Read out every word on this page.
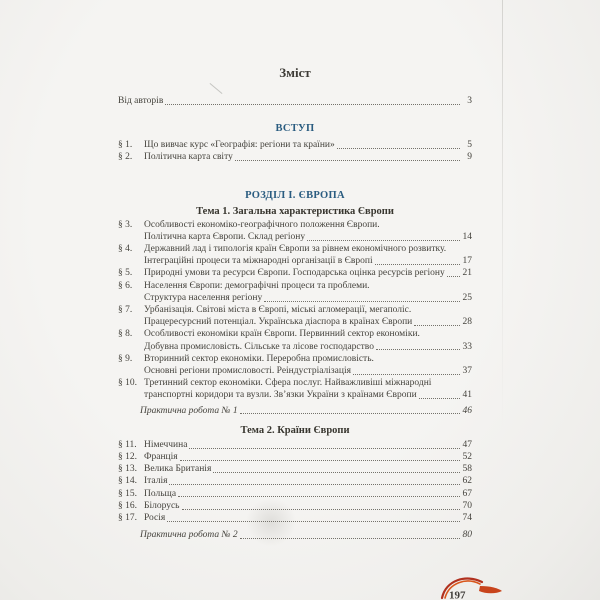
Зміст
Від авторів	3
ВСТУП
§ 1.	Що вивчає курс «Географія: регіони та країни»	5
§ 2.	Політична карта світу	9
РОЗДІЛ І. ЄВРОПА
Тема 1. Загальна характеристика Європи
§ 3.	Особливості економіко-географічного положення Європи.
Політична карта Європи. Склад регіону	14
§ 4.	Державний лад і типологія країн Європи за рівнем економічного розвитку.
Інтеграційні процеси та міжнародні організації в Європі	17
§ 5.	Природні умови та ресурси Європи. Господарська оцінка ресурсів регіону 21
§ 6.	Населення Європи: демографічні процеси та проблеми.
Структура населення регіону	25
§ 7.	Урбанізація. Світові міста в Європі, міські агломерації, мегаполіс.
Працересурсний потенціал. Українська діаспора в країнах Європи	28
§ 8.	Особливості економіки країн Європи. Первинний сектор економіки.
Добувна промисловість. Сільське та лісове господарство	33
§ 9.	Вторинний сектор економіки. Переробна промисловість.
Основні регіони промисловості. Реіндустріалізація	37
§ 10. Третинний сектор економіки. Сфера послуг. Найважливіші міжнародні
транспортні коридори та вузли. Зв’язки України з країнами Європи	41
Практична робота № 1	46
Тема 2. Країни Європи
§ 11. Німеччина	47
§ 12. Франція	52
§ 13. Велика Британія	58
§ 14. Італія	62
§ 15. Польща	67
§ 16. Білорусь	70
§ 17. Росія	74
Практична робота № 2	80
197
